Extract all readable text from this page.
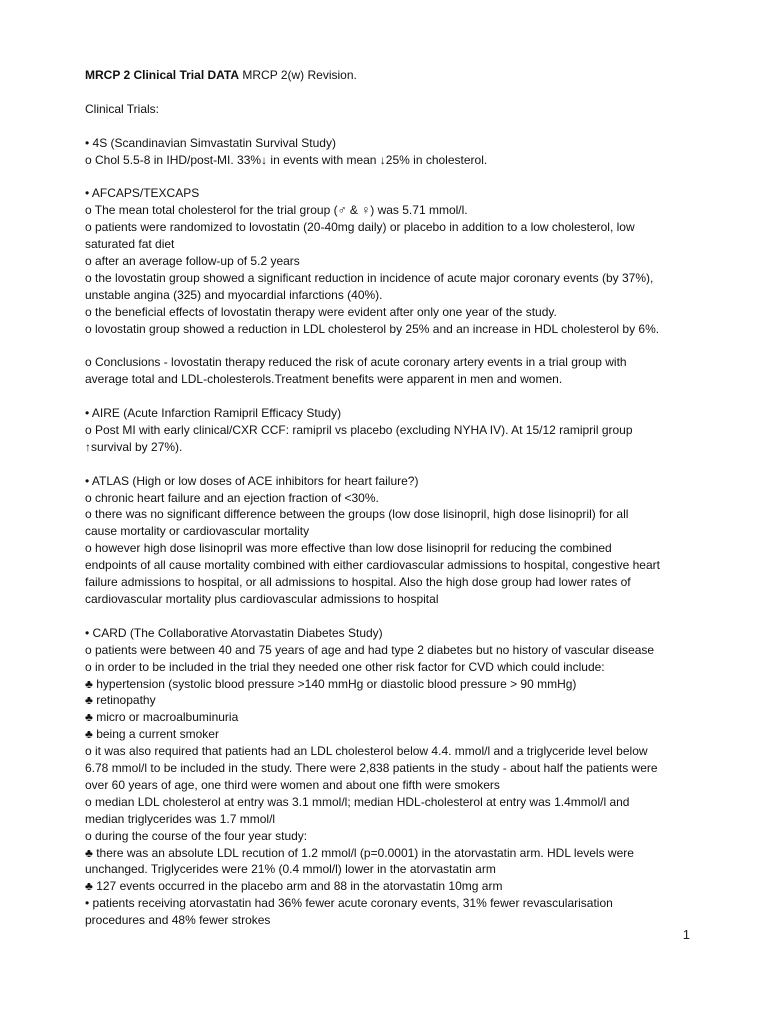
MRCP 2 Clinical Trial DATA MRCP 2(w) Revision.
Clinical Trials:
• 4S (Scandinavian Simvastatin Survival Study)
o Chol 5.5-8 in IHD/post-MI. 33%↓ in events with mean ↓25% in cholesterol.
• AFCAPS/TEXCAPS
o The mean total cholesterol for the trial group (♂ & ♀) was 5.71 mmol/l.
o patients were randomized to lovostatin (20-40mg daily) or placebo in addition to a low cholesterol, low
saturated fat diet
o after an average follow-up of 5.2 years
o the lovostatin group showed a significant reduction in incidence of acute major coronary events (by 37%),
unstable angina (325) and myocardial infarctions (40%).
o the beneficial effects of lovostatin therapy were evident after only one year of the study.
o lovostatin group showed a reduction in LDL cholesterol by 25% and an increase in HDL cholesterol by 6%.
o Conclusions - lovostatin therapy reduced the risk of acute coronary artery events in a trial group with
average total and LDL-cholesterols.Treatment benefits were apparent in men and women.
• AIRE (Acute Infarction Ramipril Efficacy Study)
o Post MI with early clinical/CXR CCF: ramipril vs placebo (excluding NYHA IV). At 15/12 ramipril group
↑survival by 27%).
• ATLAS (High or low doses of ACE inhibitors for heart failure?)
o chronic heart failure and an ejection fraction of <30%.
o there was no significant difference between the groups (low dose lisinopril, high dose lisinopril) for all
cause mortality or cardiovascular mortality
o however high dose lisinopril was more effective than low dose lisinopril for reducing the combined
endpoints of all cause mortality combined with either cardiovascular admissions to hospital, congestive heart
failure admissions to hospital, or all admissions to hospital. Also the high dose group had lower rates of
cardiovascular mortality plus cardiovascular admissions to hospital
• CARD (The Collaborative Atorvastatin Diabetes Study)
o patients were between 40 and 75 years of age and had type 2 diabetes but no history of vascular disease
o in order to be included in the trial they needed one other risk factor for CVD which could include:
♣ hypertension (systolic blood pressure >140 mmHg or diastolic blood pressure > 90 mmHg)
♣ retinopathy
♣ micro or macroalbuminuria
♣ being a current smoker
o it was also required that patients had an LDL cholesterol below 4.4. mmol/l and a triglyceride level below
6.78 mmol/l to be included in the study. There were 2,838 patients in the study - about half the patients were
over 60 years of age, one third were women and about one fifth were smokers
o median LDL cholesterol at entry was 3.1 mmol/l; median HDL-cholesterol at entry was 1.4mmol/l and
median triglycerides was 1.7 mmol/l
o during the course of the four year study:
♣ there was an absolute LDL recution of 1.2 mmol/l (p=0.0001) in the atorvastatin arm. HDL levels were
unchanged. Triglycerides were 21% (0.4 mmol/l) lower in the atorvastatin arm
♣ 127 events occurred in the placebo arm and 88 in the atorvastatin 10mg arm
• patients receiving atorvastatin had 36% fewer acute coronary events, 31% fewer revascularisation
procedures and 48% fewer strokes
1
